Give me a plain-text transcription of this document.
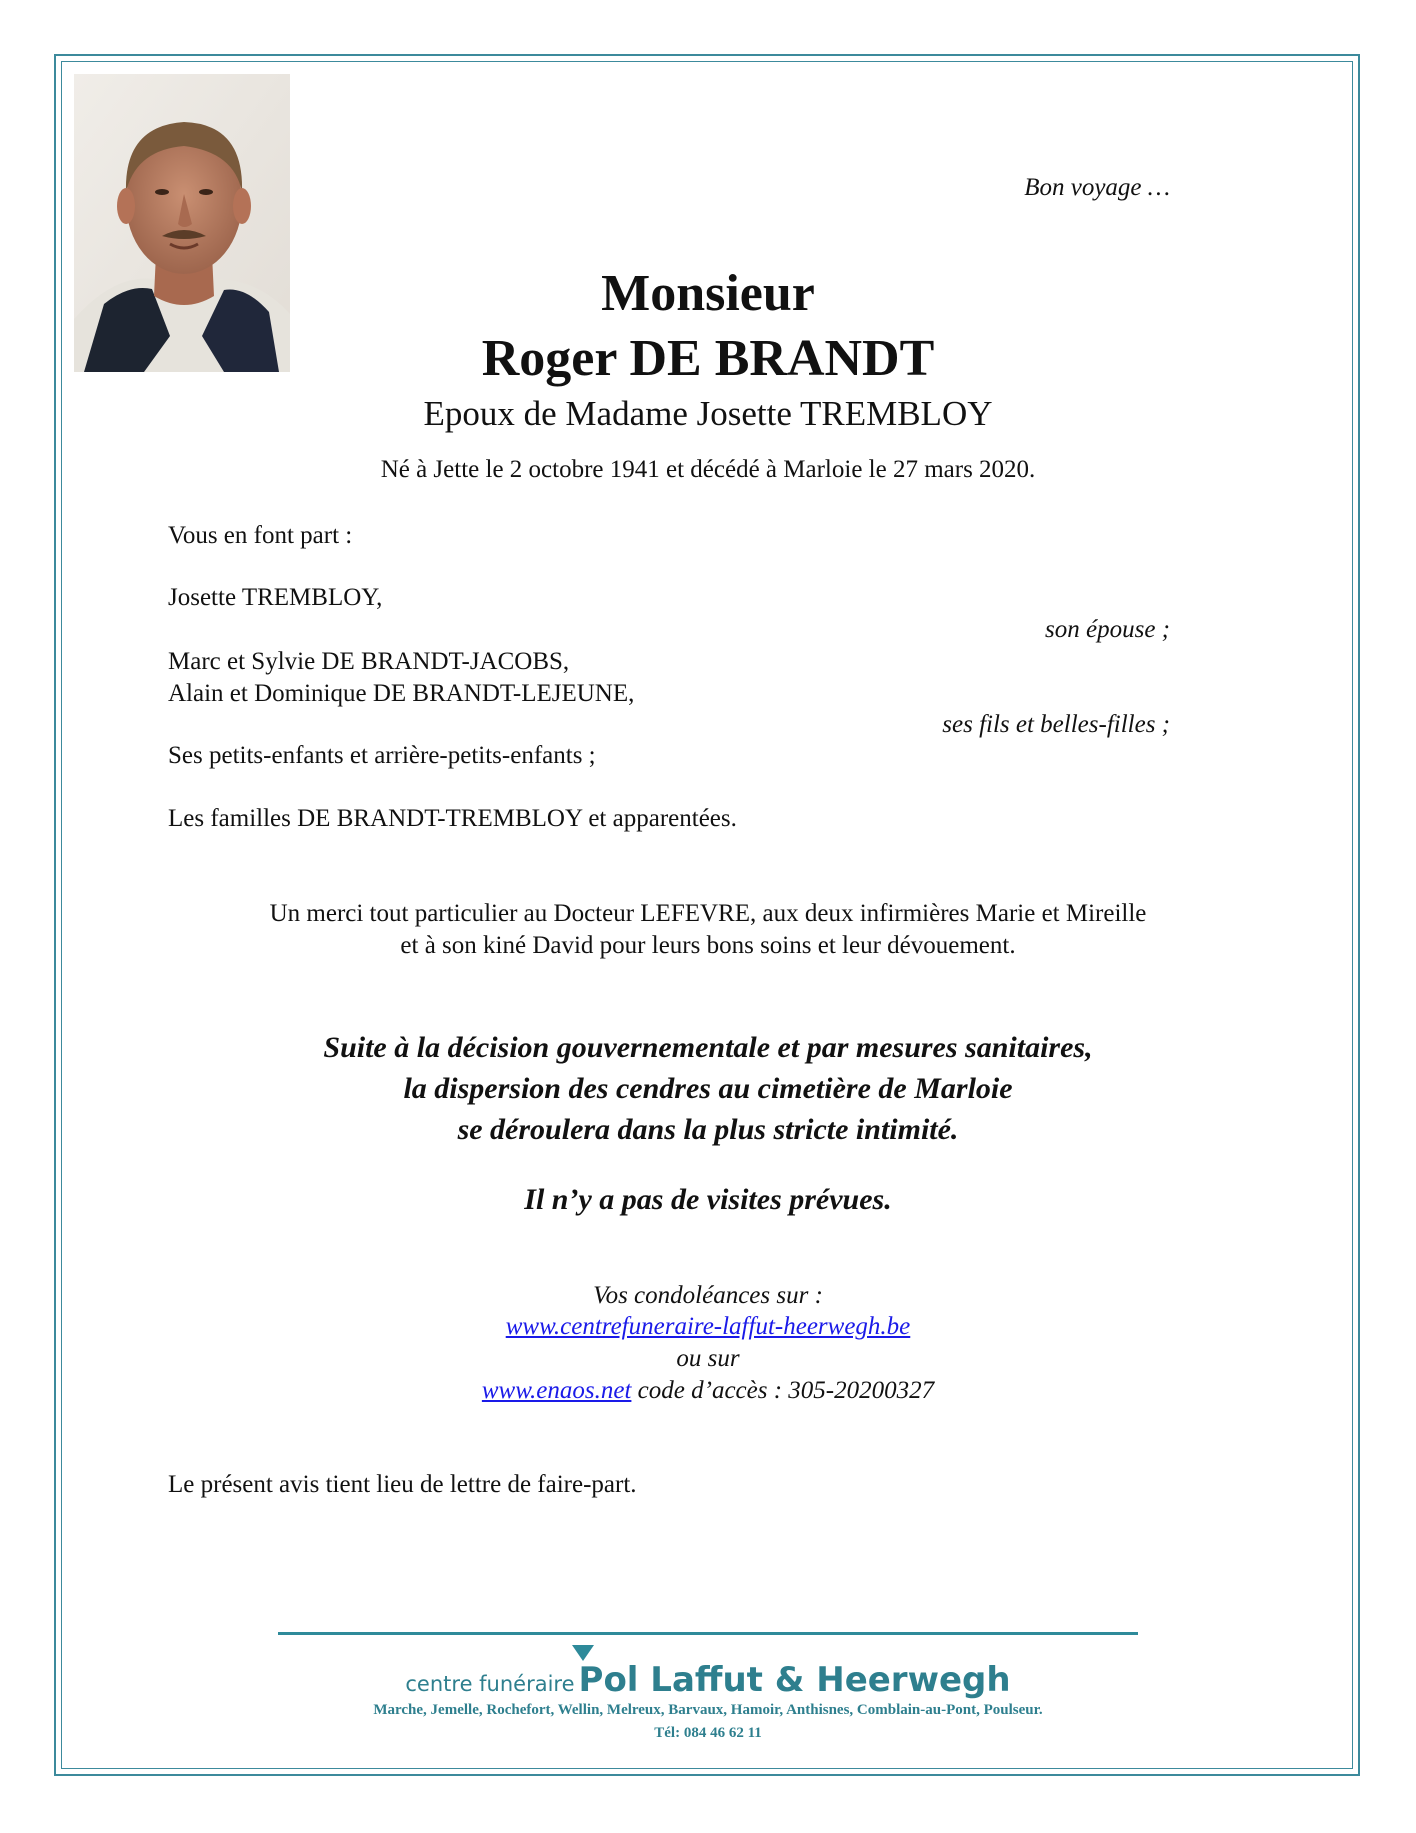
Bon voyage …
Monsieur
Roger DE BRANDT
Epoux de Madame Josette TREMBLOY
Né à Jette le 2 octobre 1941 et décédé à Marloie le 27 mars 2020.
Vous en font part :
Josette TREMBLOY,
son épouse ;
Marc et Sylvie DE BRANDT-JACOBS,
Alain et Dominique DE BRANDT-LEJEUNE,
ses fils et belles-filles ;
Ses petits-enfants et arrière-petits-enfants ;
Les familles DE BRANDT-TREMBLOY et apparentées.
Un merci tout particulier au Docteur LEFEVRE, aux deux infirmières Marie et Mireille
et à son kiné David pour leurs bons soins et leur dévouement.
Suite à la décision gouvernementale et par mesures sanitaires,
la dispersion des cendres au cimetière de Marloie
se déroulera dans la plus stricte intimité.
Il n’y a pas de visites prévues.
Vos condoléances sur :
www.centrefuneraire-laffut-heerwegh.be
ou sur
www.enaos.net code d’accès : 305-20200327
Le présent avis tient lieu de lettre de faire-part.
centre funéraire Pol Laffut & Heerwegh
Marche, Jemelle, Rochefort, Wellin, Melreux, Barvaux, Hamoir, Anthisnes, Comblain-au-Pont, Poulseur.
Tél: 084 46 62 11
